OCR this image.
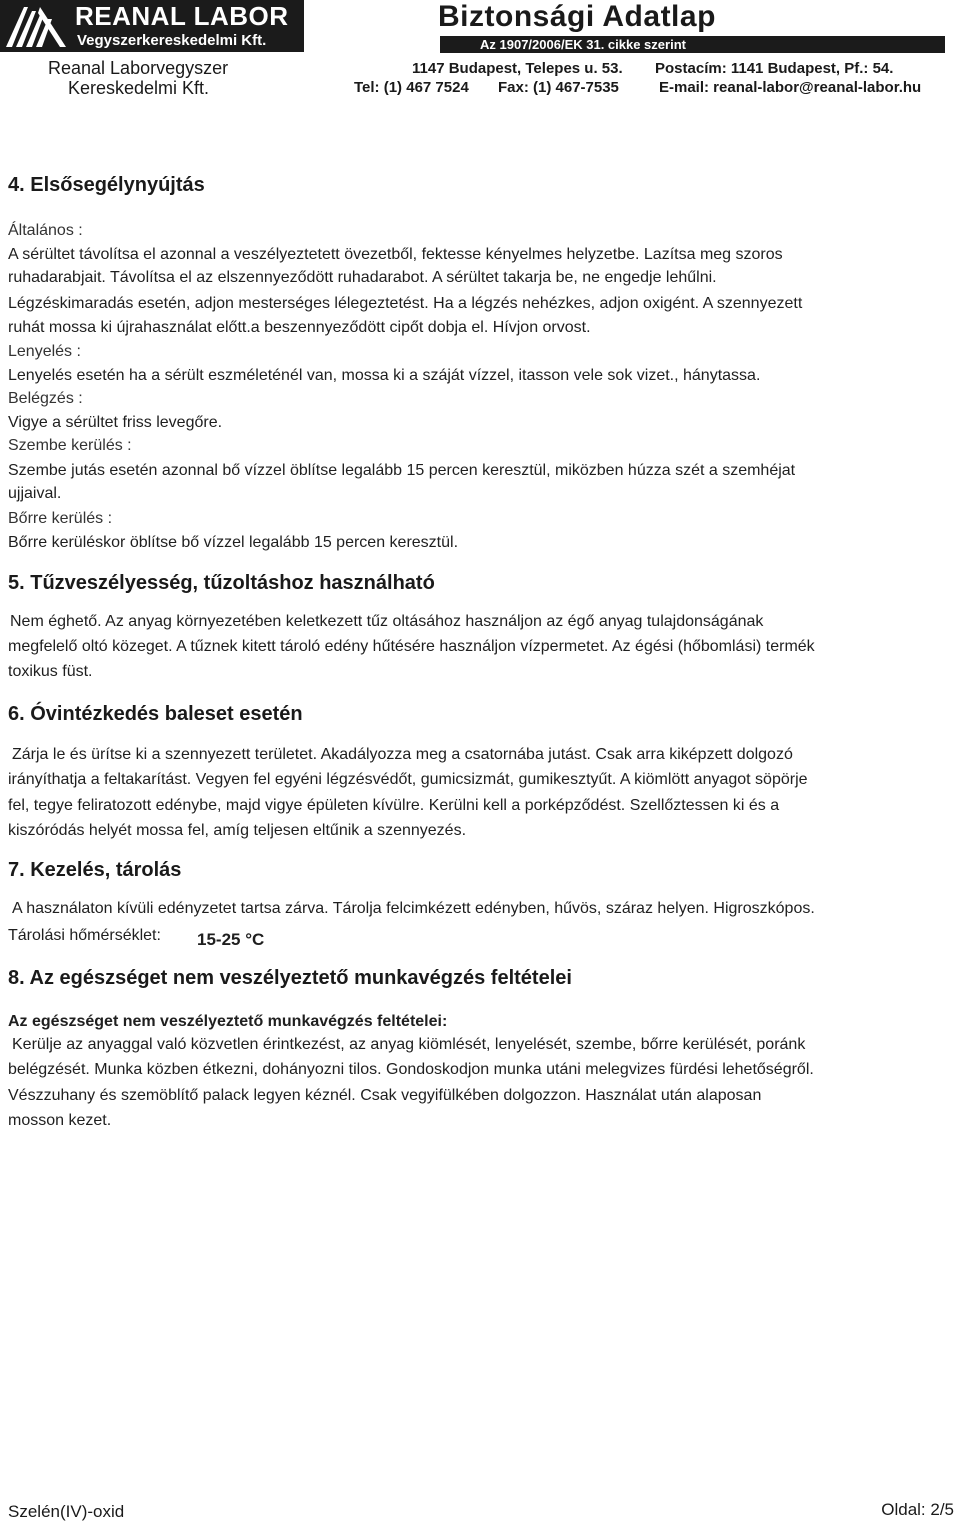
REANAL LABOR
Vegyszerkereskedelmi Kft.
Reanal Laborvegyszer
Kereskedelmi Kft.
Biztonsági Adatlap
Az 1907/2006/EK 31. cikke szerint
1147 Budapest, Telepes u. 53. Postacím: 1141 Budapest, Pf.: 54.
Tel: (1) 467 7524 Fax: (1) 467-7535	E-mail: reanal-labor@reanal-labor.hu
4. Elsősegélynyújtás
Általános :
A sérültet távolítsa el azonnal a veszélyeztetett övezetből, fektesse kényelmes helyzetbe. Lazítsa meg szoros
ruhadarabjait. Távolítsa el az elszennyeződött ruhadarabot. A sérültet takarja be, ne engedje lehűlni.
Légzéskimaradás esetén, adjon mesterséges lélegeztetést. Ha a légzés nehézkes, adjon oxigént. A szennyezett
ruhát mossa ki újrahasználat előtt.a beszennyeződött cipőt dobja el. Hívjon orvost.
Lenyelés :
Lenyelés esetén ha a sérült eszméleténél van, mossa ki a száját vízzel, itasson vele sok vizet., hánytassa.
Belégzés :
Vigye a sérültet friss levegőre.
Szembe kerülés :
Szembe jutás esetén azonnal bő vízzel öblítse legalább 15 percen keresztül, miközben húzza szét a szemhéjat
ujjaival.
Bőrre kerülés :
Bőrre kerüléskor öblítse bő vízzel legalább 15 percen keresztül.
5. Tűzveszélyesség, tűzoltáshoz használható
Nem éghető. Az anyag környezetében keletkezett tűz oltásához használjon az égő anyag tulajdonságának
megfelelő oltó közeget. A tűznek kitett tároló edény hűtésére használjon vízpermetet. Az égési (hőbomlási) termék
toxikus füst.
6. Óvintézkedés baleset esetén
Zárja le és ürítse ki a szennyezett területet. Akadályozza meg a csatornába jutást. Csak arra kiképzett dolgozó
irányíthatja a feltakarítást. Vegyen fel egyéni légzésvédőt, gumicsizmát, gumikesztyűt. A kiömlött anyagot söpörje
fel, tegye feliratozott edénybe, majd vigye épületen kívülre. Kerülni kell a porképződést. Szellőztessen ki és a
kiszóródás helyét mossa fel, amíg teljesen eltűnik a szennyezés.
7. Kezelés, tárolás
A használaton kívüli edényzetet tartsa zárva. Tárolja felcimkézett edényben, hűvös, száraz helyen. Higroszkópos.
Tárolási hőmérséklet: 15-25 °C
8. Az egészséget nem veszélyeztető munkavégzés feltételei
Az egészséget nem veszélyeztető munkavégzés feltételei:
Kerülje az anyaggal való közvetlen érintkezést, az anyag kiömlését, lenyelését, szembe, bőrre kerülését, poránk
belégzését. Munka közben étkezni, dohányozni tilos. Gondoskodjon munka utáni melegvizes fürdési lehetőségről.
Vészzuhany és szemöblítő palack legyen kéznél. Csak vegyifülkében dolgozzon. Használat után alaposan
mosson kezet.
Szelén(IV)-oxid	Oldal: 2/5
